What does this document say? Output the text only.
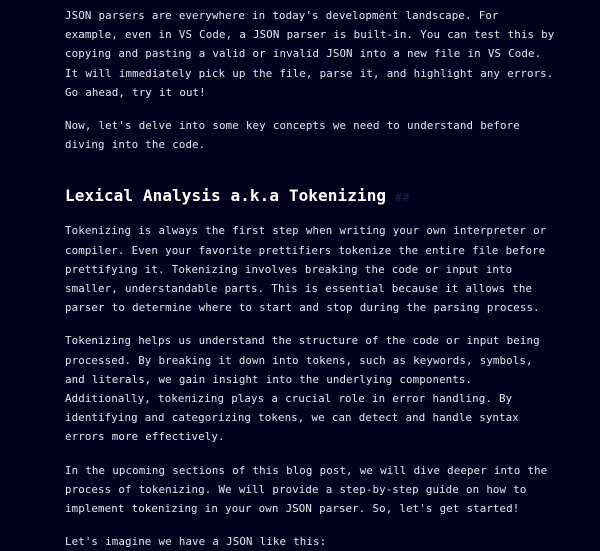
JSON parsers are everywhere in today's development landscape. For example, even in VS Code, a JSON parser is built-in. You can test this by copying and pasting a valid or invalid JSON into a new file in VS Code. It will immediately pick up the file, parse it, and highlight any errors. Go ahead, try it out!

Now, let's delve into some key concepts we need to understand before diving into the code.

Lexical Analysis a.k.a Tokenizing ##

Tokenizing is always the first step when writing your own interpreter or compiler. Even your favorite prettifiers tokenize the entire file before prettifying it. Tokenizing involves breaking the code or input into smaller, understandable parts. This is essential because it allows the parser to determine where to start and stop during the parsing process.

Tokenizing helps us understand the structure of the code or input being processed. By breaking it down into tokens, such as keywords, symbols, and literals, we gain insight into the underlying components. Additionally, tokenizing plays a crucial role in error handling. By identifying and categorizing tokens, we can detect and handle syntax errors more effectively.

In the upcoming sections of this blog post, we will dive deeper into the process of tokenizing. We will provide a step-by-step guide on how to implement tokenizing in your own JSON parser. So, let's get started!

Let's imagine we have a JSON like this:
